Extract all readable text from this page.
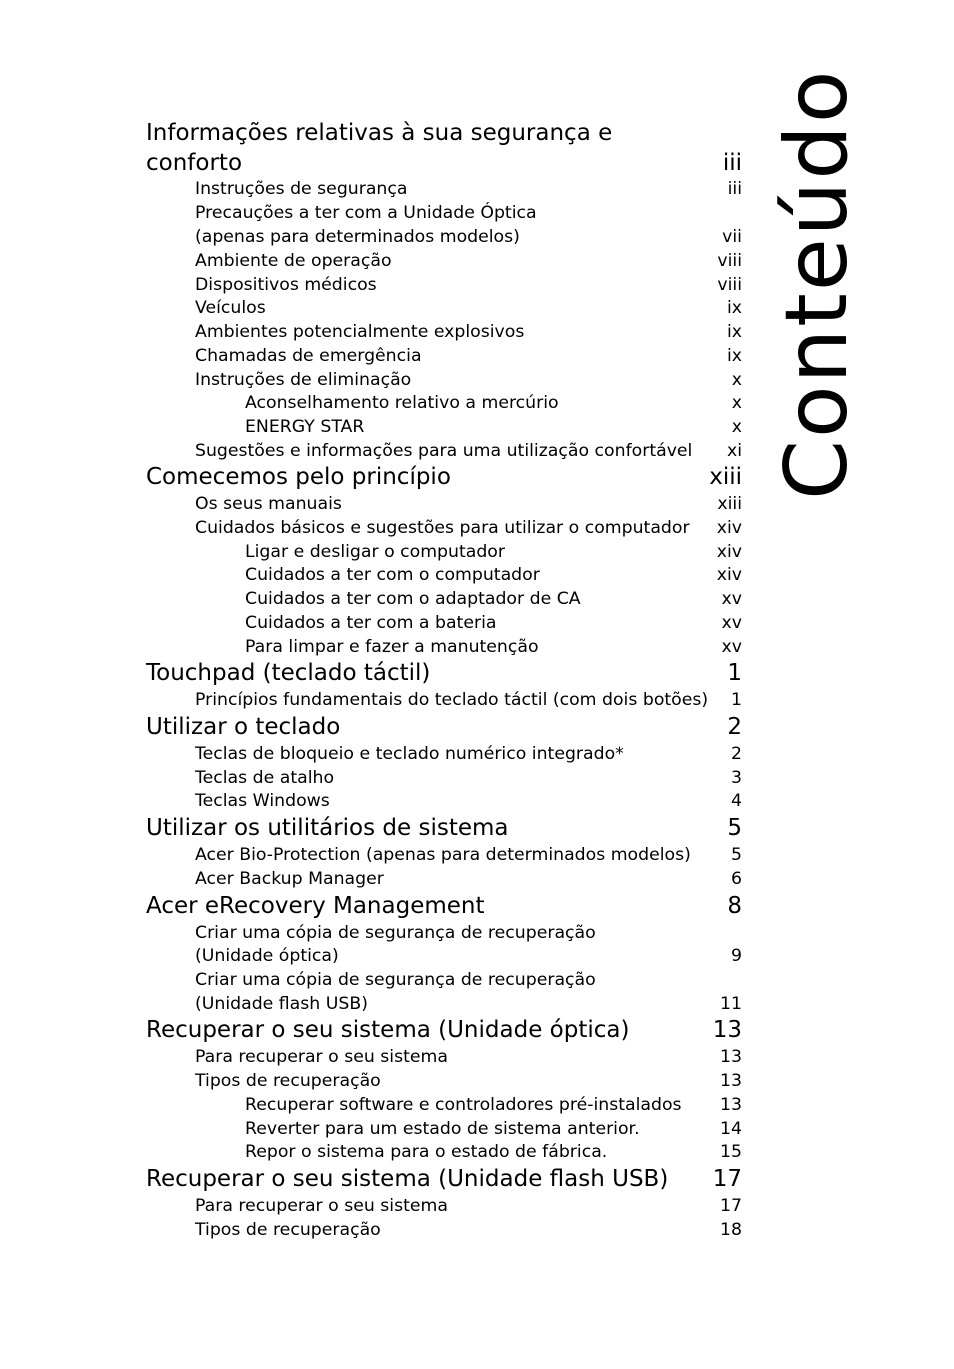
Informações relativas à sua segurança e
conforto	iii
Instruções de segurança	iii
Precauções a ter com a Unidade Óptica
(apenas para determinados modelos)	vii
Ambiente de operação	viii
Dispositivos médicos	viii
Veículos	ix
Ambientes potencialmente explosivos	ix
Chamadas de emergência	ix
Instruções de eliminação	x
Aconselhamento relativo a mercúrio	x
ENERGY STAR	x
Sugestões e informações para uma utilização confortável xi
Comecemos pelo princípio	xiii
Os seus manuais	xiii
Cuidados básicos e sugestões para utilizar o computador xiv
Ligar e desligar o computador	xiv
Cuidados a ter com o computador	xiv
Cuidados a ter com o adaptador de CA	xv
Cuidados a ter com a bateria	xv
Para limpar e fazer a manutenção	xv
Touchpad (teclado táctil)	1
Princípios fundamentais do teclado táctil (com dois botões) 1
Utilizar o teclado	2
Teclas de bloqueio e teclado numérico integrado*	2
Teclas de atalho	3
Teclas Windows	4
Utilizar os utilitários de sistema	5
Acer Bio-Protection (apenas para determinados modelos) 5
Acer Backup Manager	6
Acer eRecovery Management	8
Criar uma cópia de segurança de recuperação
(Unidade óptica)	9
Criar uma cópia de segurança de recuperação
(Unidade flash USB)	11
Recuperar o seu sistema (Unidade óptica)	13
Para recuperar o seu sistema	13
Tipos de recuperação	13
Recuperar software e controladores pré-instalados 13
Reverter para um estado de sistema anterior.	14
Repor o sistema para o estado de fábrica.	15
Recuperar o seu sistema (Unidade flash USB) 17
Para recuperar o seu sistema	17
Tipos de recuperação	18
Conteúdo
